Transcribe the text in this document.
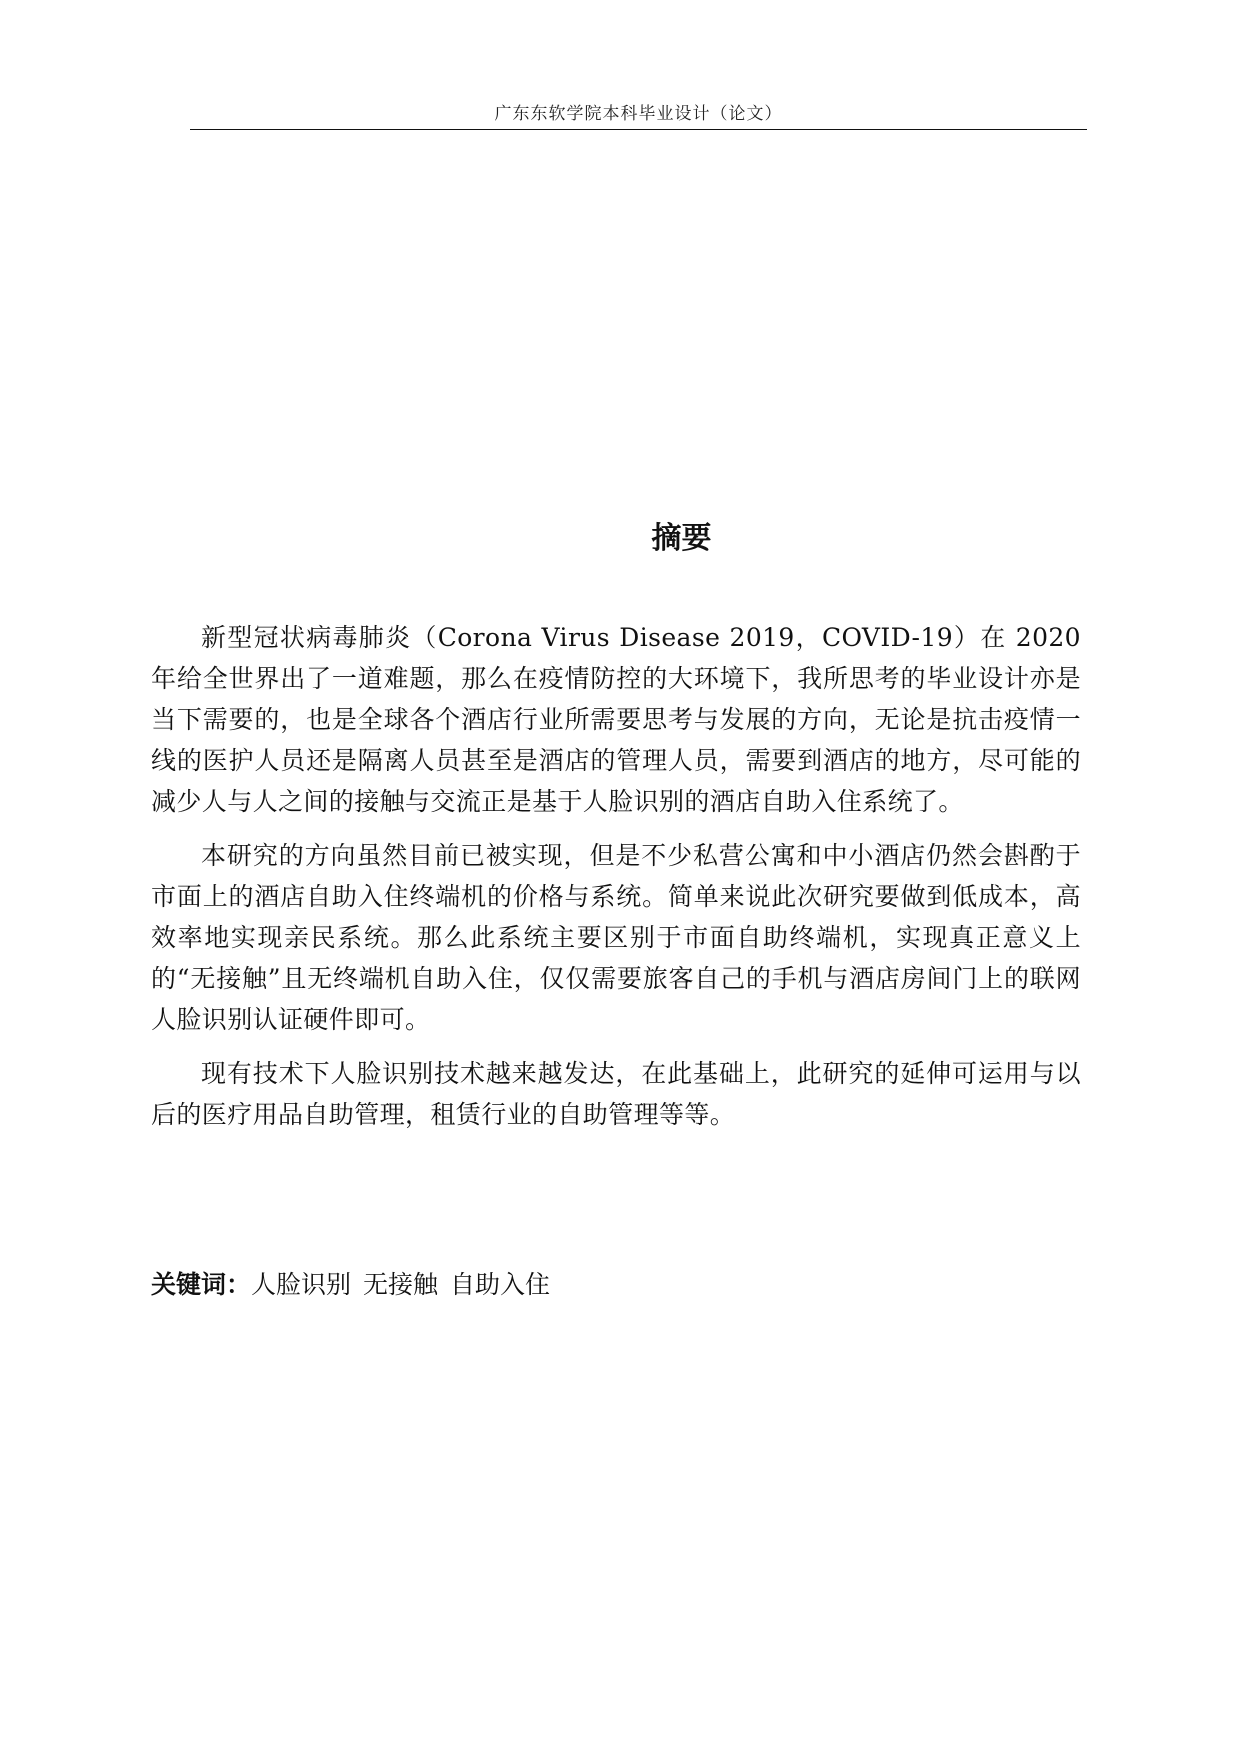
广东东软学院本科毕业设计（论文）
摘要

新型冠状病毒肺炎（Corona Virus Disease 2019，COVID-19）在 2020 年给全世界出了一道难题，那么在疫情防控的大环境下，我所思考的毕业设计亦是当下需要的，也是全球各个酒店行业所需要思考与发展的方向，无论是抗击疫情一线的医护人员还是隔离人员甚至是酒店的管理人员，需要到酒店的地方，尽可能的减少人与人之间的接触与交流正是基于人脸识别的酒店自助入住系统了。

本研究的方向虽然目前已被实现，但是不少私营公寓和中小酒店仍然会斟酌于市面上的酒店自助入住终端机的价格与系统。简单来说此次研究要做到低成本，高效率地实现亲民系统。那么此系统主要区别于市面自助终端机，实现真正意义上的“无接触”且无终端机自助入住，仅仅需要旅客自己的手机与酒店房间门上的联网人脸识别认证硬件即可。

现有技术下人脸识别技术越来越发达，在此基础上，此研究的延伸可运用与以后的医疗用品自助管理，租赁行业的自助管理等等。

关键词：人脸识别 无接触 自助入住
